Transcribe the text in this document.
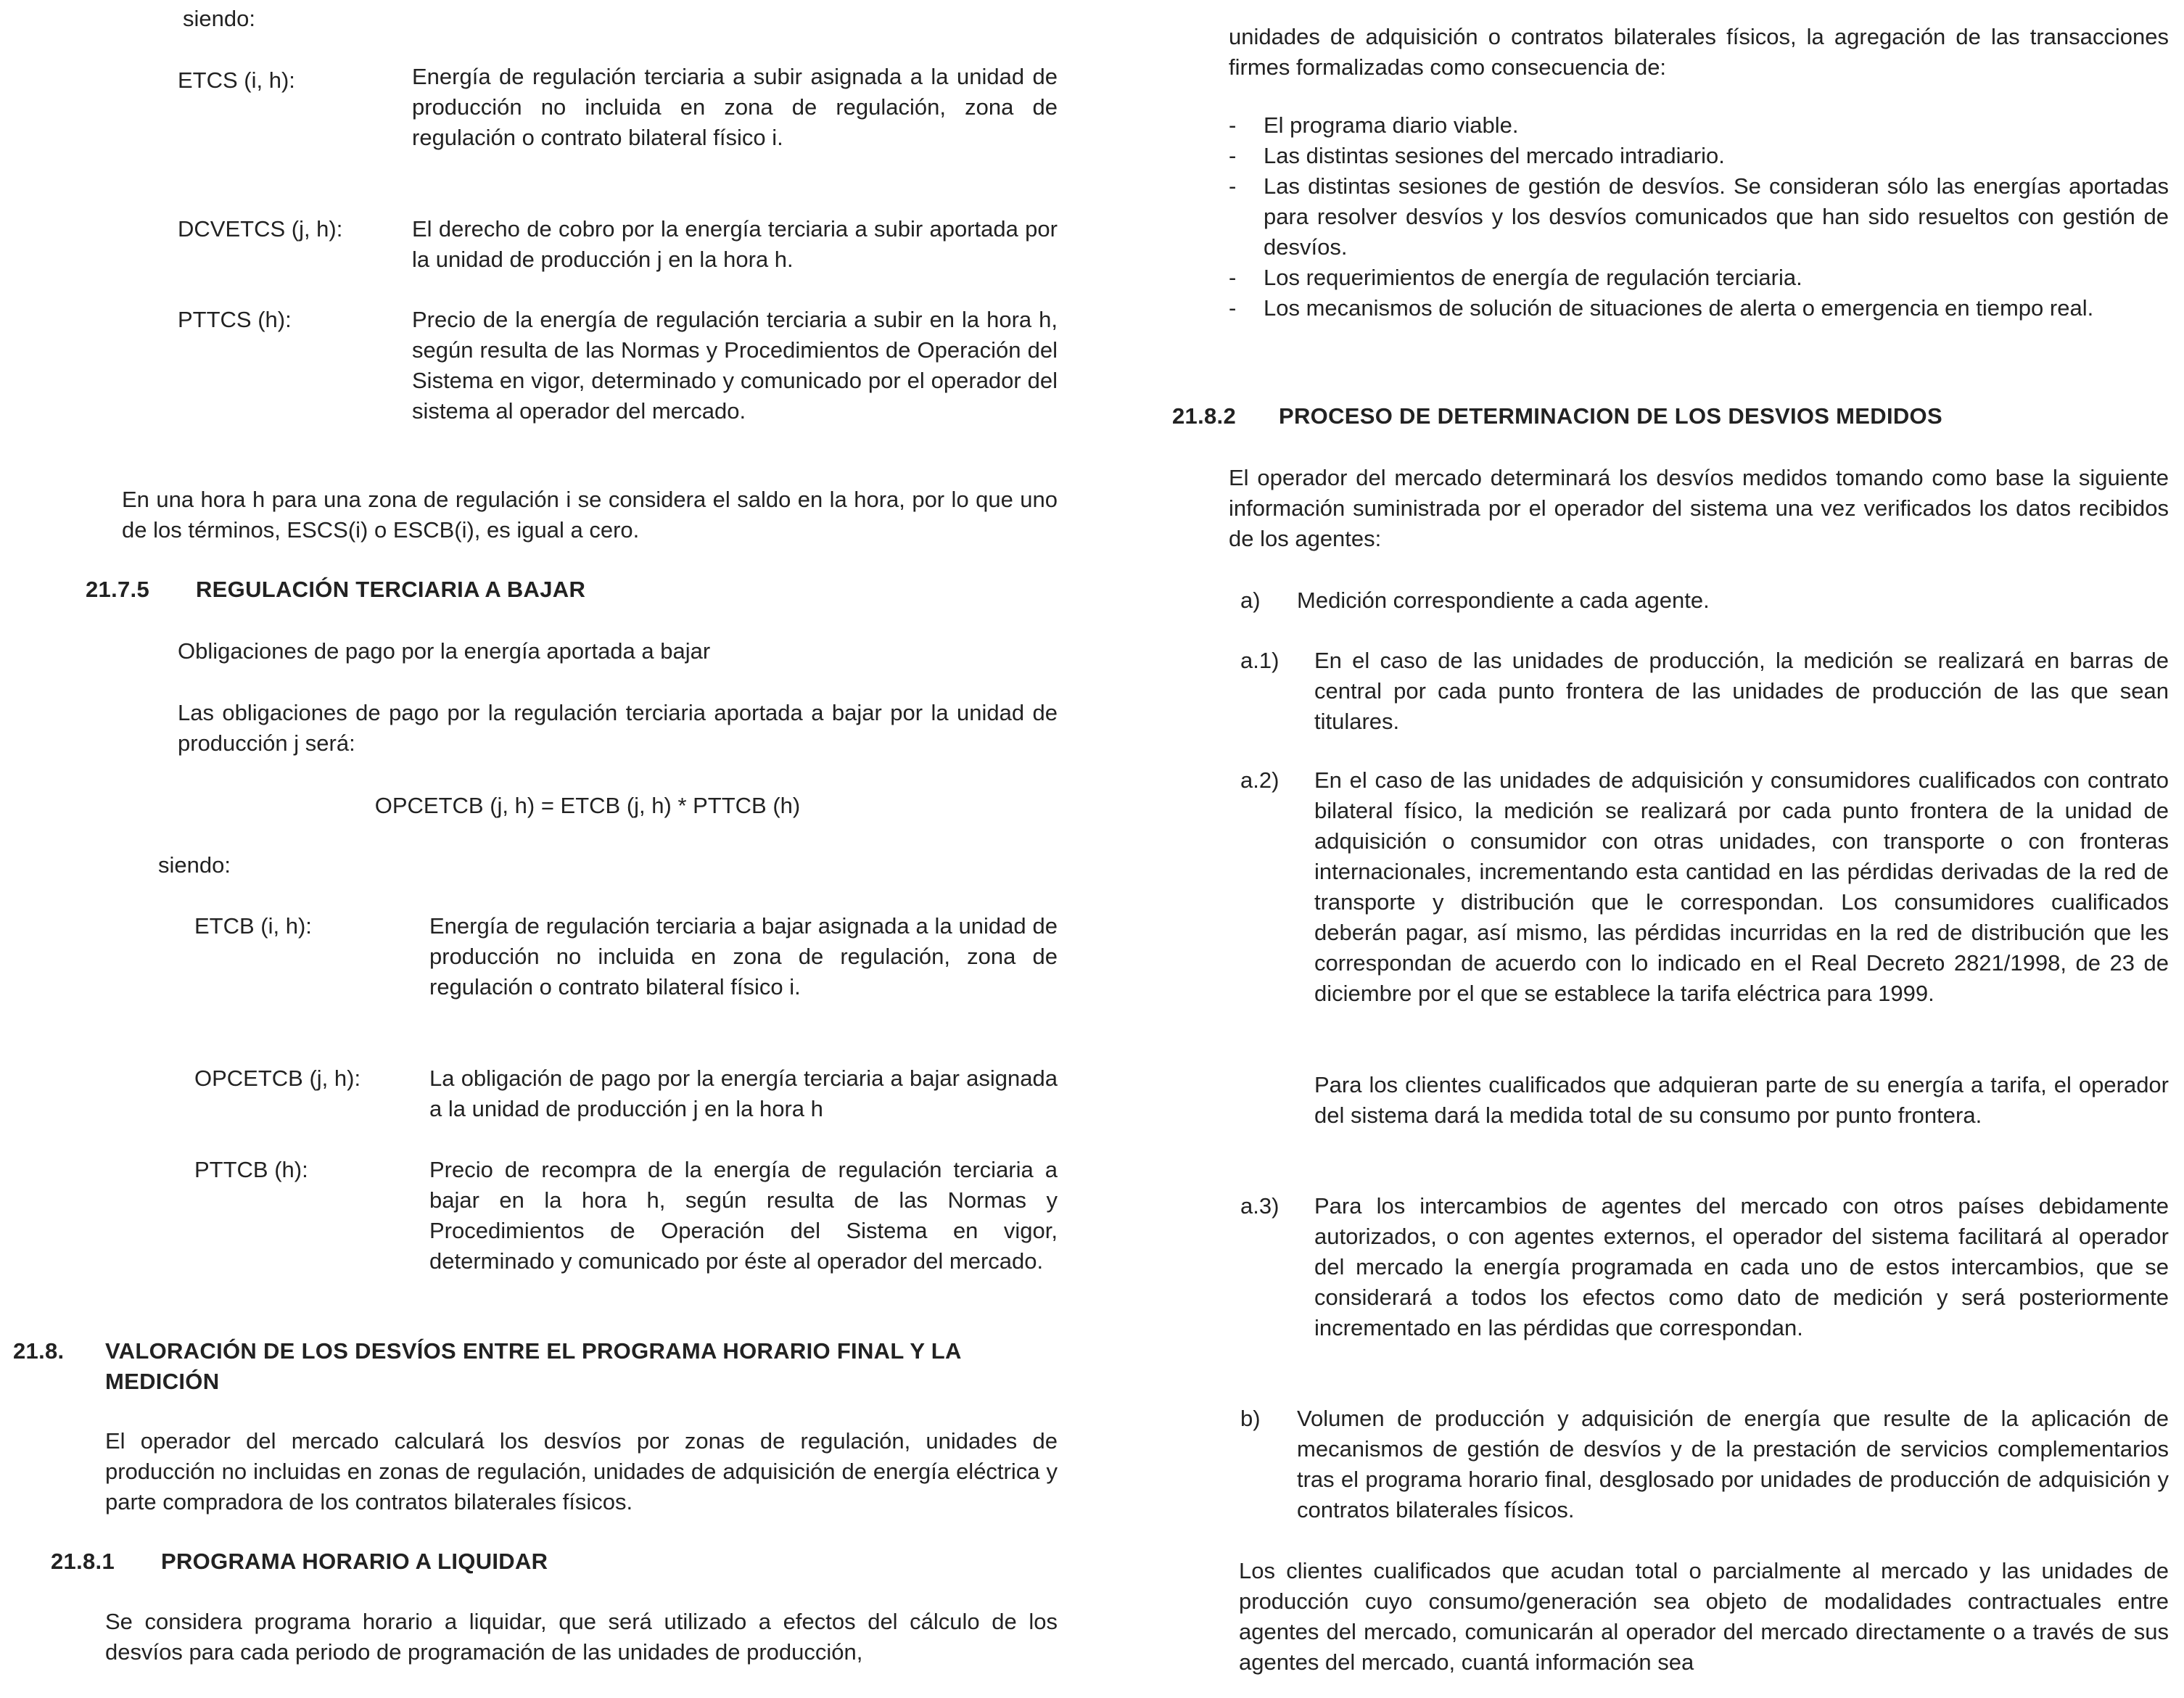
siendo:

ETCS (i, h):	Energía de regulación terciaria a subir asignada a la unidad de producción no incluida en zona de regulación, zona de regulación o contrato bilateral físico i.

DCVETCS (j, h):	El derecho de cobro por la energía terciaria a subir aportada por la unidad de producción j en la hora h.

PTTCS (h):	Precio de la energía de regulación terciaria a subir en la hora h, según resulta de las Normas y Procedimientos de Operación del Sistema en vigor, determinado y comunicado por el operador del sistema al operador del mercado.

En una hora h para una zona de regulación i se considera el saldo en la hora, por lo que uno de los términos, ESCS(i) o ESCB(i), es igual a cero.

21.7.5 REGULACIÓN TERCIARIA A BAJAR

Obligaciones de pago por la energía aportada a bajar

Las obligaciones de pago por la regulación terciaria aportada a bajar por la unidad de producción j será:

OPCETCB (j, h) = ETCB (j, h) * PTTCB (h)

siendo:

ETCB (i, h):	Energía de regulación terciaria a bajar asignada a la unidad de producción no incluida en zona de regulación, zona de regulación o contrato bilateral físico i.

OPCETCB (j, h):	La obligación de pago por la energía terciaria a bajar asignada a la unidad de producción j en la hora h

PTTCB (h):	Precio de recompra de la energía de regulación terciaria a bajar en la hora h, según resulta de las Normas y Procedimientos de Operación del Sistema en vigor, determinado y comunicado por éste al operador del mercado.

21.8. VALORACIÓN DE LOS DESVÍOS ENTRE EL PROGRAMA HORARIO FINAL Y LA MEDICIÓN

El operador del mercado calculará los desvíos por zonas de regulación, unidades de producción no incluidas en zonas de regulación, unidades de adquisición de energía eléctrica y parte compradora de los contratos bilaterales físicos.

21.8.1 PROGRAMA HORARIO A LIQUIDAR

Se considera programa horario a liquidar, que será utilizado a efectos del cálculo de los desvíos para cada periodo de programación de las unidades de producción,

unidades de adquisición o contratos bilaterales físicos, la agregación de las transacciones firmes formalizadas como consecuencia de:

- El programa diario viable.
- Las distintas sesiones del mercado intradiario.
- Las distintas sesiones de gestión de desvíos. Se consideran sólo las energías aportadas para resolver desvíos y los desvíos comunicados que han sido resueltos con gestión de desvíos.
- Los requerimientos de energía de regulación terciaria.
- Los mecanismos de solución de situaciones de alerta o emergencia en tiempo real.

21.8.2 PROCESO DE DETERMINACION DE LOS DESVIOS MEDIDOS

El operador del mercado determinará los desvíos medidos tomando como base la siguiente información suministrada por el operador del sistema una vez verificados los datos recibidos de los agentes:

a) Medición correspondiente a cada agente.

a.1) En el caso de las unidades de producción, la medición se realizará en barras de central por cada punto frontera de las unidades de producción de las que sean titulares.

a.2) En el caso de las unidades de adquisición y consumidores cualificados con contrato bilateral físico, la medición se realizará por cada punto frontera de la unidad de adquisición o consumidor con otras unidades, con transporte o con fronteras internacionales, incrementando esta cantidad en las pérdidas derivadas de la red de transporte y distribución que le correspondan. Los consumidores cualificados deberán pagar, así mismo, las pérdidas incurridas en la red de distribución que les correspondan de acuerdo con lo indicado en el Real Decreto 2821/1998, de 23 de diciembre por el que se establece la tarifa eléctrica para 1999.

Para los clientes cualificados que adquieran parte de su energía a tarifa, el operador del sistema dará la medida total de su consumo por punto frontera.

a.3) Para los intercambios de agentes del mercado con otros países debidamente autorizados, o con agentes externos, el operador del sistema facilitará al operador del mercado la energía programada en cada uno de estos intercambios, que se considerará a todos los efectos como dato de medición y será posteriormente incrementado en las pérdidas que correspondan.

b) Volumen de producción y adquisición de energía que resulte de la aplicación de mecanismos de gestión de desvíos y de la prestación de servicios complementarios tras el programa horario final, desglosado por unidades de producción de adquisición y contratos bilaterales físicos.

Los clientes cualificados que acudan total o parcialmente al mercado y las unidades de producción cuyo consumo/generación sea objeto de modalidades contractuales entre agentes del mercado, comunicarán al operador del mercado directamente o a través de sus agentes del mercado, cuantá información sea
